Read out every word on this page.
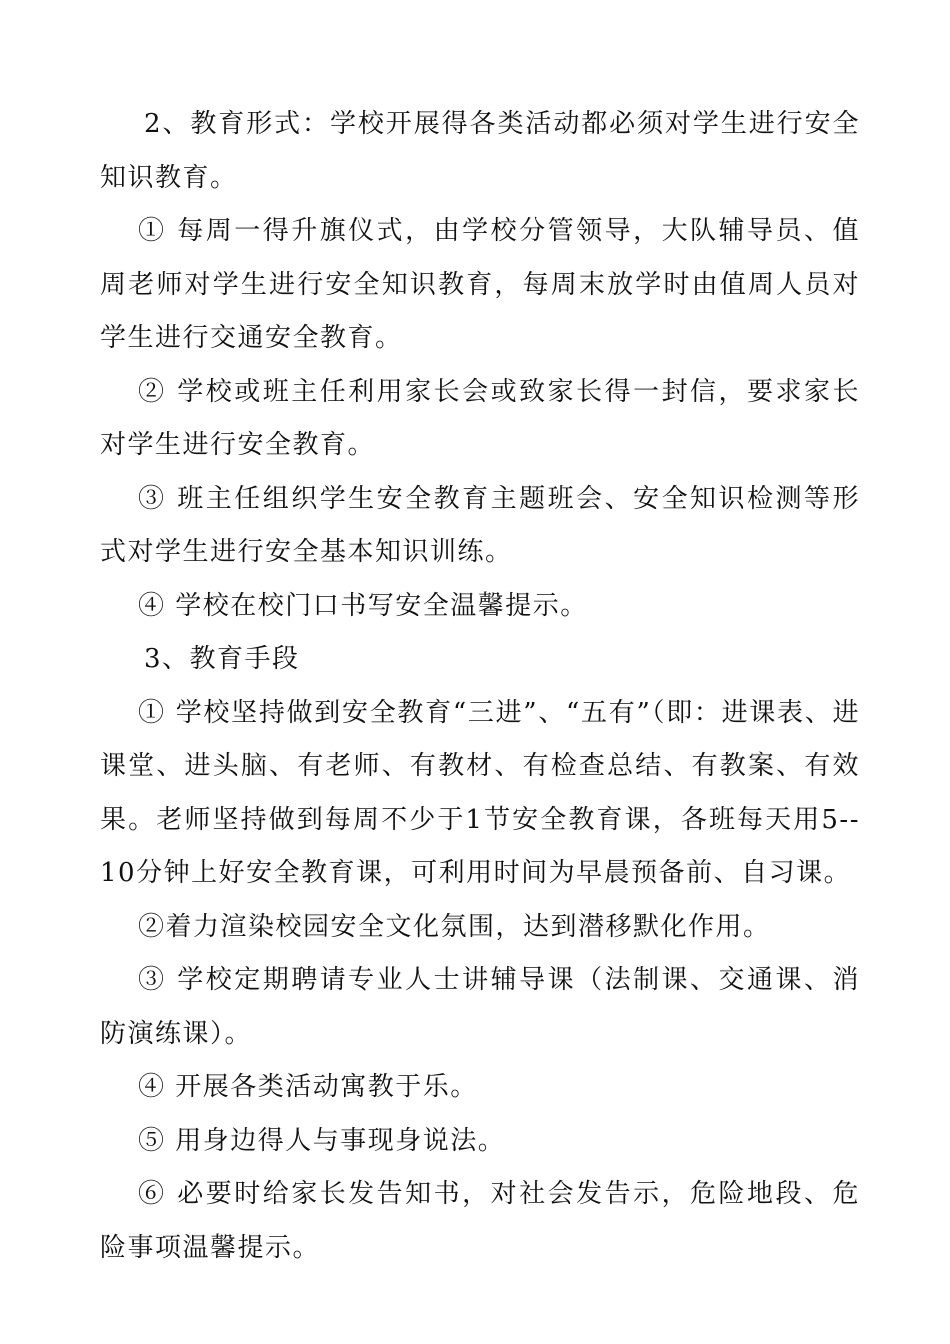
2、教育形式：学校开展得各类活动都必须对学生进行安全知识教育。

① 每周一得升旗仪式，由学校分管领导，大队辅导员、值周老师对学生进行安全知识教育，每周末放学时由值周人员对学生进行交通安全教育。

② 学校或班主任利用家长会或致家长得一封信，要求家长对学生进行安全教育。

③ 班主任组织学生安全教育主题班会、安全知识检测等形式对学生进行安全基本知识训练。

④ 学校在校门口书写安全温馨提示。

3、教育手段

① 学校坚持做到安全教育“三进”、“五有”（即：进课表、进课堂、进头脑、有老师、有教材、有检查总结、有教案、有效果。老师坚持做到每周不少于1节安全教育课，各班每天用5--10分钟上好安全教育课，可利用时间为早晨预备前、自习课。

②着力渲染校园安全文化氛围，达到潜移默化作用。

③ 学校定期聘请专业人士讲辅导课（法制课、交通课、消防演练课）。

④ 开展各类活动寓教于乐。

⑤ 用身边得人与事现身说法。

⑥ 必要时给家长发告知书，对社会发告示，危险地段、危险事项温馨提示。
